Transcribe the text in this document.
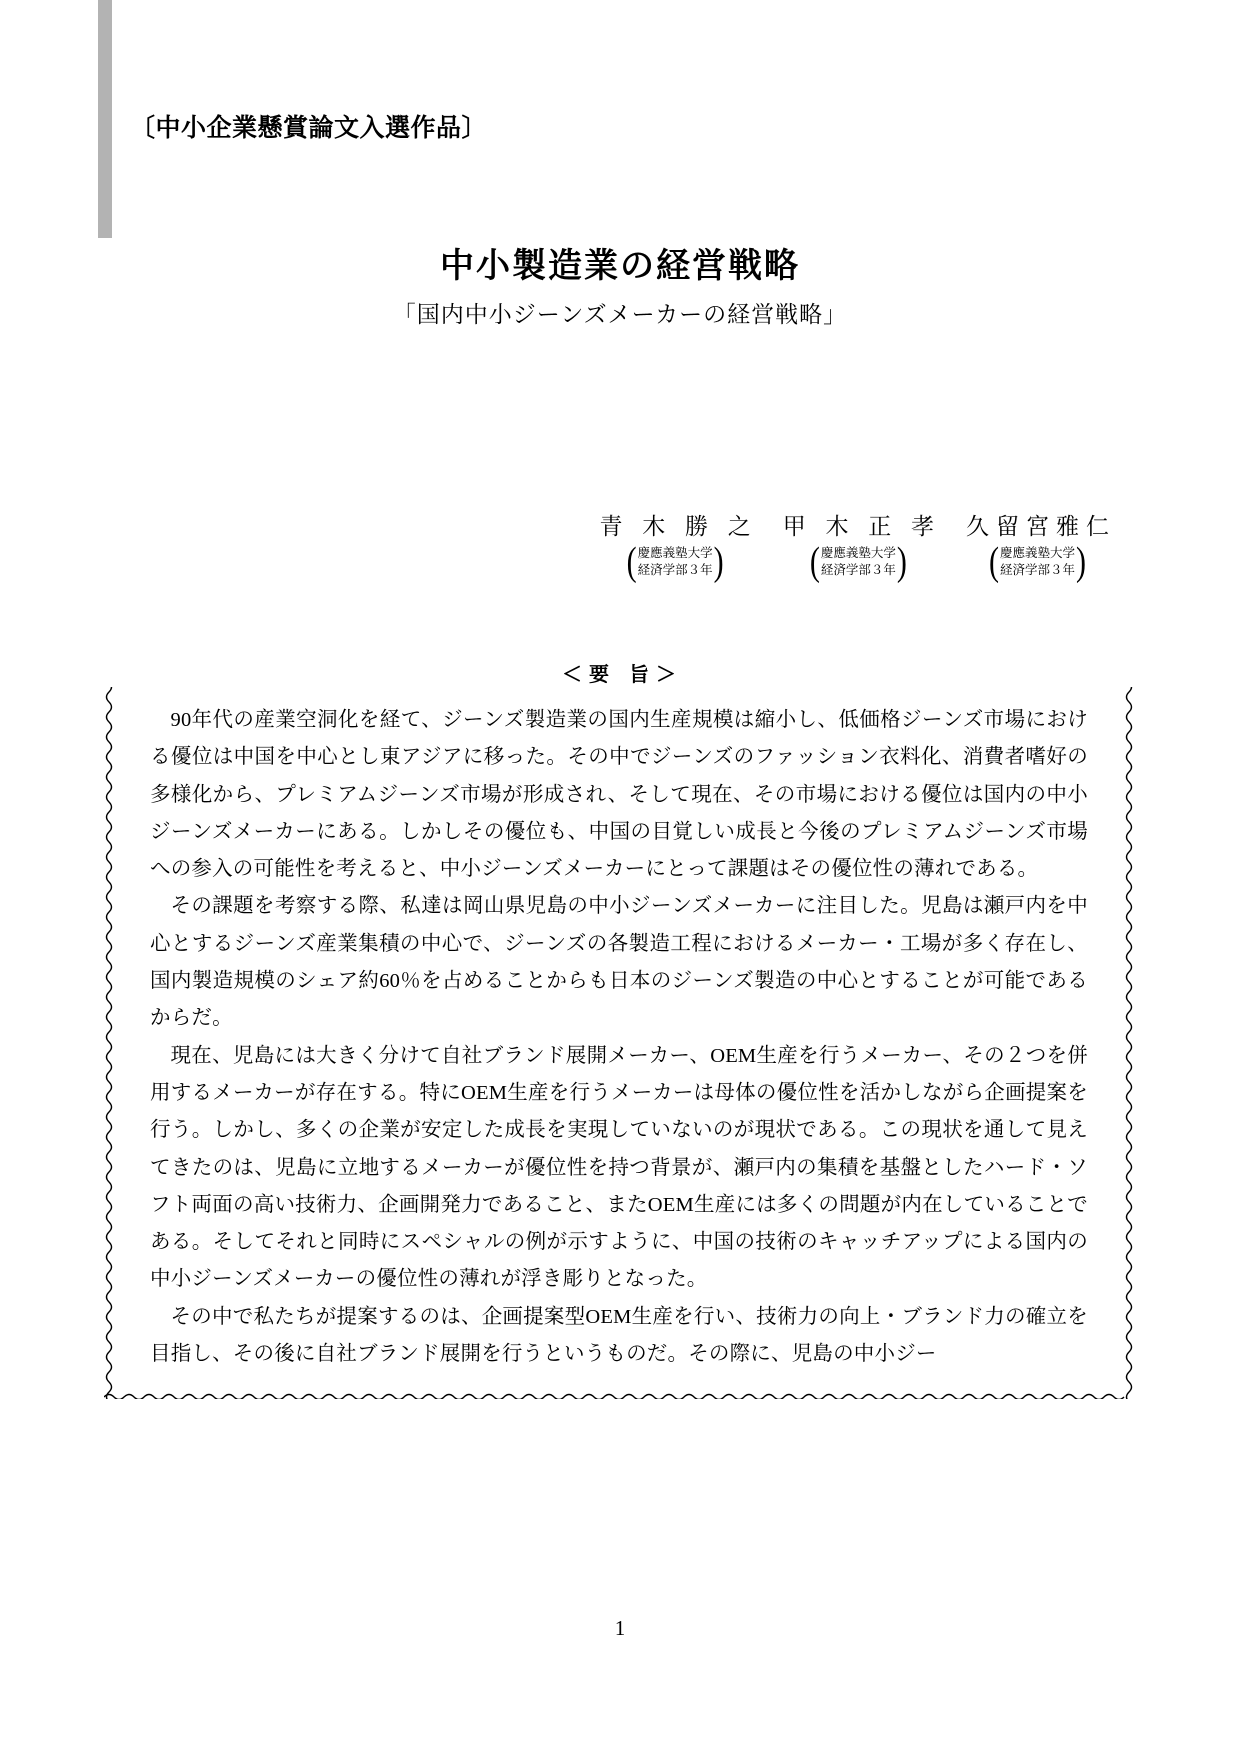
〔中小企業懸賞論文入選作品〕
中小製造業の経営戦略
「国内中小ジーンズメーカーの経営戦略」
青 木 勝 之
( 慶應義塾大学
経済学部３年 )
甲 木 正 孝
( 慶應義塾大学
経済学部３年 )
久留宮雅仁
( 慶應義塾大学
経済学部３年 )
＜ 要　旨 ＞

90年代の産業空洞化を経て、ジーンズ製造業の国内生産規模は縮小し、低価格ジーンズ市場における優位は中国を中心とし東アジアに移った。その中でジーンズのファッション衣料化、消費者嗜好の多様化から、プレミアムジーンズ市場が形成され、そして現在、その市場における優位は国内の中小ジーンズメーカーにある。しかしその優位も、中国の目覚しい成長と今後のプレミアムジーンズ市場への参入の可能性を考えると、中小ジーンズメーカーにとって課題はその優位性の薄れである。

その課題を考察する際、私達は岡山県児島の中小ジーンズメーカーに注目した。児島は瀬戸内を中心とするジーンズ産業集積の中心で、ジーンズの各製造工程におけるメーカー・工場が多く存在し、国内製造規模のシェア約60％を占めることからも日本のジーンズ製造の中心とすることが可能であるからだ。

現在、児島には大きく分けて自社ブランド展開メーカー、OEM生産を行うメーカー、その２つを併用するメーカーが存在する。特にOEM生産を行うメーカーは母体の優位性を活かしながら企画提案を行う。しかし、多くの企業が安定した成長を実現していないのが現状である。この現状を通して見えてきたのは、児島に立地するメーカーが優位性を持つ背景が、瀬戸内の集積を基盤としたハード・ソフト両面の高い技術力、企画開発力であること、またOEM生産には多くの問題が内在していることである。そしてそれと同時にスペシャルの例が示すように、中国の技術のキャッチアップによる国内の中小ジーンズメーカーの優位性の薄れが浮き彫りとなった。

その中で私たちが提案するのは、企画提案型OEM生産を行い、技術力の向上・ブランド力の確立を目指し、その後に自社ブランド展開を行うというものだ。その際に、児島の中小ジー

1
